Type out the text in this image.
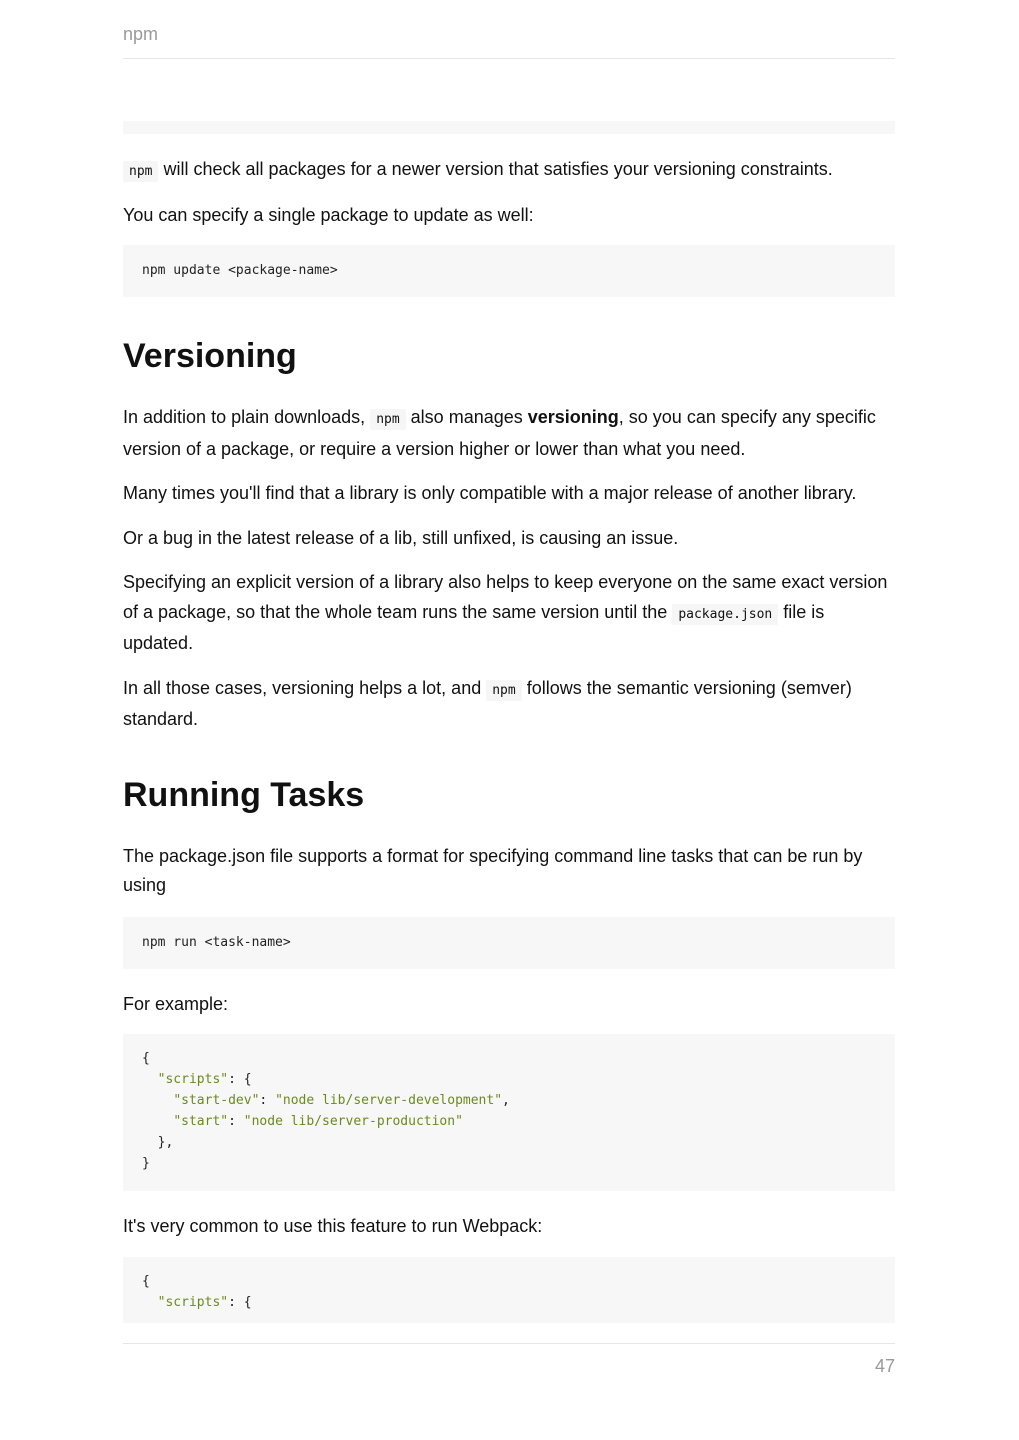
npm

npm will check all packages for a newer version that satisfies your versioning constraints.

You can specify a single package to update as well:

npm update <package-name>
Versioning

In addition to plain downloads, npm also manages versioning, so you can specify any specific version of a package, or require a version higher or lower than what you need.

Many times you'll find that a library is only compatible with a major release of another library.

Or a bug in the latest release of a lib, still unfixed, is causing an issue.

Specifying an explicit version of a library also helps to keep everyone on the same exact version of a package, so that the whole team runs the same version until the package.json file is updated.

In all those cases, versioning helps a lot, and npm follows the semantic versioning (semver) standard.

Running Tasks

The package.json file supports a format for specifying command line tasks that can be run by using

npm run <task-name>

For example:

{
"scripts": {
"start-dev": "node lib/server-development",
"start": "node lib/server-production"
},
}

It's very common to use this feature to run Webpack:

{
"scripts": {
47
